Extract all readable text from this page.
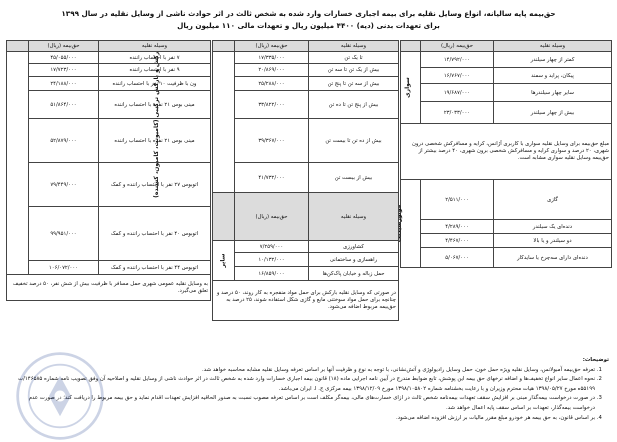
حق‌بیمه پایه سالیانه، انواع وسایل نقلیه برای بیمه اجباری خسارات وارد شده به شخص ثالث در اثر حوادث ناشی از وسایل نقلیه در سال ۱۳۹۹
برای تعهدات بدنی (دیه) ۴۴۰۰ میلیون ریال و تعهدات مالی ۱۱۰ میلیون ریال
وسیله نقلیه	حق‌بیمه (ریال)	
کمتر از چهار سیلندر	۱۴/۷۹۲/۰۰۰	سواری
پیکان، پراید و سمند	۱۶/۷۶۷/۰۰۰	
سایر چهار سیلندرها	۱۹/۶۸۷/۰۰۰	
بیش از چهار سیلندر	۲۳/۰۳۳/۰۰۰	
مبلغ حق‌بیمه برای وسایل نقلیه سواری با کاربری آژانس، کرایه و مسافرکش شخصی درون شهری، ۲۰ درصد و سواری کرایه و مسافرکش شخصی برون شهری، ۴۰ درصد بیشتر از حق‌بیمه وسایل نقلیه سواری مشابه است.		
گازی	۲/۵۱۱/۰۰۰	موتورسیکلت
دنده‌ای یک سیلندر	۴/۲۸۹/۰۰۰	
دو سیلندر و یا بالا	۴/۴۶۷/۰۰۰	
دنده‌ای دارای سه‌چرخ یا سایدکار	۵/۰۶۷/۰۰۰	
وسیله نقلیه	حق‌بیمه (ریال)	
تا یک تن	۱۷/۳۳۵/۰۰۰	بارکش و بارکش ترکیبی (کامیونت، کامیون، کشنده)
بیش از یک تن تا سه تن	۲۰/۸۶۹/۰۰۰	
بیش از سه تن تا پنج تن	۲۵/۲۸۸/۰۰۰	
بیش از پنج تن تا ده تن	۳۳/۸۲۲/۰۰۰	
بیش از ده تن تا بیست تن	۳۹/۳۶۷/۰۰۰	
بیش از بیست تن	۴۱/۷۳۲/۰۰۰	
وسیله نقلیه	حق‌بیمه (ریال)	
کشاورزی	۷/۲۵۹/۰۰۰	سایر
راهسازی و ساختمانی	۱۰/۱۳۲/۰۰۰	
حمل زباله و خیابان پاک‌کن‌ها	۱۶/۸۵۹/۰۰۰	
در صورتی که وسایل نقلیه بارکش برای حمل مواد منفجره به کار روند، ۵۰ درصد و چنانچه برای حمل مواد سوختنی مایع و گازی شکل استفاده شوند، ۲۵ درصد به حق‌بیمه مربوط اضافه می‌شود.		
وسیله نقلیه	حق‌بیمه (ریال)	
۷ نفر با احتساب راننده	۴۵/۰۵۵/۰۰۰	
۹ نفر با احتساب راننده	۱۷/۷۲۳/۰۰۰	
ون با ظرفیت ۱۰ نفر با احتساب راننده	۲۴/۱۸۸/۰۰۰	
مینی بوس ۲۱ نفره با احتساب راننده	۵۱/۸۶۴/۰۰۰	
مینی بوس ۲۱ نفره با احتساب راننده	۵۲/۸۷۹/۰۰۰	
اتوبوس ۲۷ نفر با احتساب راننده و کمک	۷۹/۴۴۹/۰۰۰	
اتوبوس ۴۰ نفر با احتساب راننده و کمک	۹۹/۹۵۱/۰۰۰	
اتوبوس ۴۴ نفر با احتساب راننده و کمک	۱۰۶/۰۷۲/۰۰۰	
به وسایل نقلیه عمومی شهری حمل مسافر با ظرفیت بیش از شش نفر، ۵۰ درصد تخفیف تعلق می‌گیرد.		
توضیحات:
1. تعرفه حق‌بیمه آمبولانس، وسایل نقلیه ویژه حمل خون، حمل وسایل رادیولوژی و آتش‌نشانی، با توجه به نوع و ظرفیت آنها بر اساس تعرفه وسایل نقلیه مشابه محاسبه خواهد شد.
2. نحوه اعمال سایر انواع تخفیف‌ها و اضافه نرخهای حق بیمه این پوشش، تابع ضوابط مندرج در آیین نامه اجرایی ماده (۱۸) قانون بیمه اجباری خسارات وارد شده به شخص ثالث در اثر حوادث ناشی از وسایل نقلیه و اصلاحیه آن وفق تصویب نامه شماره ۱۴۶۵۸۵/ت ۵۵۱۹۹ه مورخ ۱۳۹۸/۰۵/۲۷ هیات محترم وزیران و با رعایت بخشنامه شماره ۱۳۹۸/۱۰۵۸۰۲ مورخ ۱۳۹۸/۱۲/۰۹ بیمه مرکزی ج. ا. ایران می‌باشد.
3. در صورت درخواست بیمه‌گذار مبنی بر افزایش سقف تعهدات بیمه‌نامه شخص ثالث در ازای خسارت‌های مالی، بیمه‌گر مکلف است بر اساس تعرفه مصوب نسبت به صدور الحاقیه افزایش تعهدات اقدام نماید و حق بیمه مربوط را دریافت کند؛ در صورت عدم درخواست بیمه‌گذار، تعهدات بر اساس سقف پایه اعمال خواهد شد.
4. بر اساس قانون، به حق بیمه هر خودرو مبلغ مقرر مالیات بر ارزش افزوده اضافه می‌شود.
